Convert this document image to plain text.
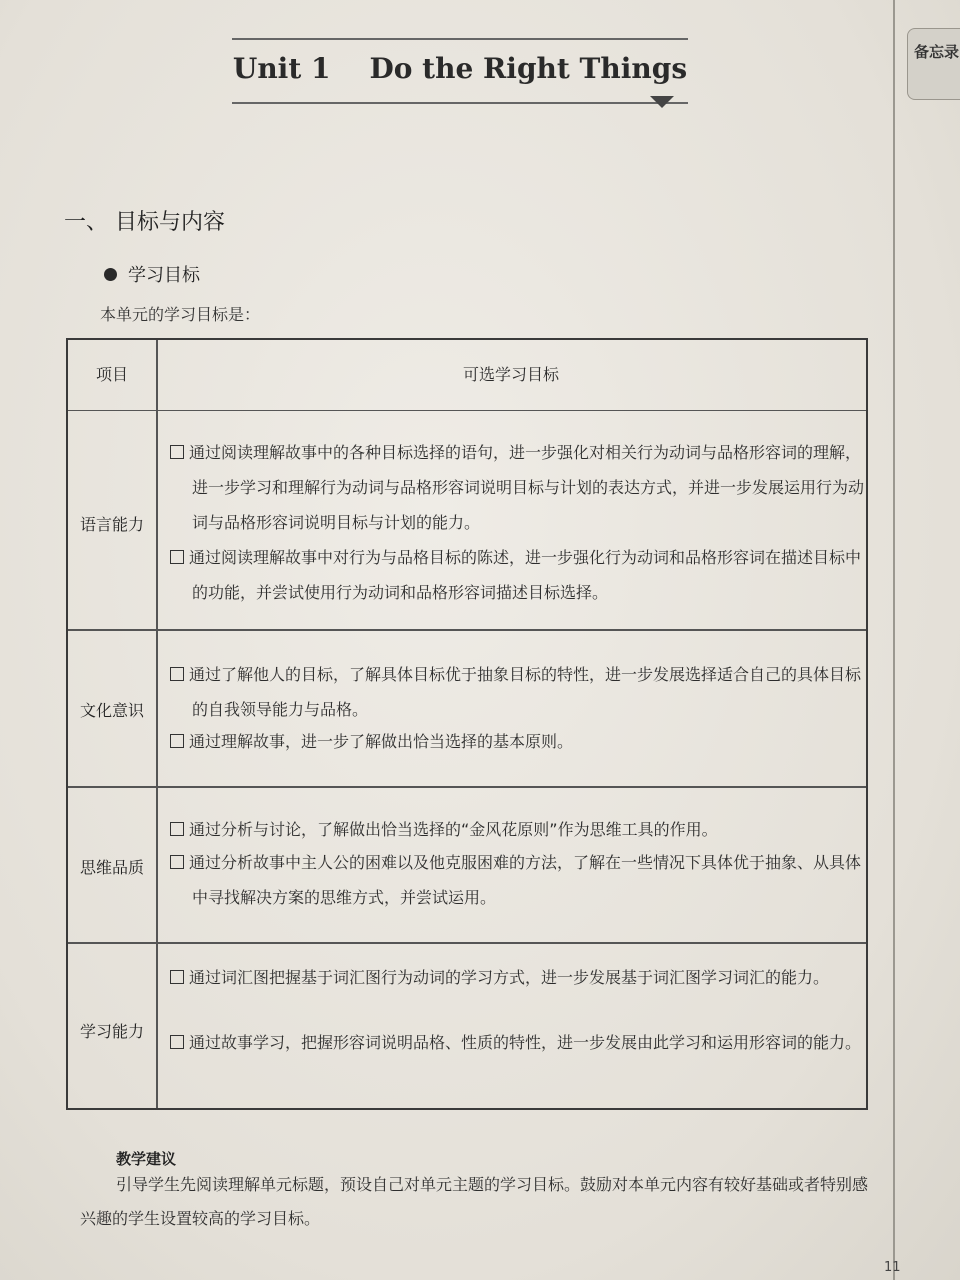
备忘录
Unit 1    Do the Right Things
一、 目标与内容
学习目标
本单元的学习目标是：
项目	可选学习目标
语言能力
通过阅读理解故事中的各种目标选择的语句，进一步强化对相关行为动词与品格形容词的理解，进一步学习和理解行为动词与品格形容词说明目标与计划的表达方式，并进一步发展运用行为动词与品格形容词说明目标与计划的能力。
通过阅读理解故事中对行为与品格目标的陈述，进一步强化行为动词和品格形容词在描述目标中的功能，并尝试使用行为动词和品格形容词描述目标选择。
文化意识
通过了解他人的目标，了解具体目标优于抽象目标的特性，进一步发展选择适合自己的具体目标的自我领导能力与品格。
通过理解故事，进一步了解做出恰当选择的基本原则。
思维品质
通过分析与讨论，了解做出恰当选择的“金风花原则”作为思维工具的作用。
通过分析故事中主人公的困难以及他克服困难的方法，了解在一些情况下具体优于抽象、从具体中寻找解决方案的思维方式，并尝试运用。
学习能力
通过词汇图把握基于词汇图行为动词的学习方式，进一步发展基于词汇图学习词汇的能力。
通过故事学习，把握形容词说明品格、性质的特性，进一步发展由此学习和运用形容词的能力。
教学建议
引导学生先阅读理解单元标题，预设自己对单元主题的学习目标。鼓励对本单元内容有较好基础或者特别感兴趣的学生设置较高的学习目标。
11
